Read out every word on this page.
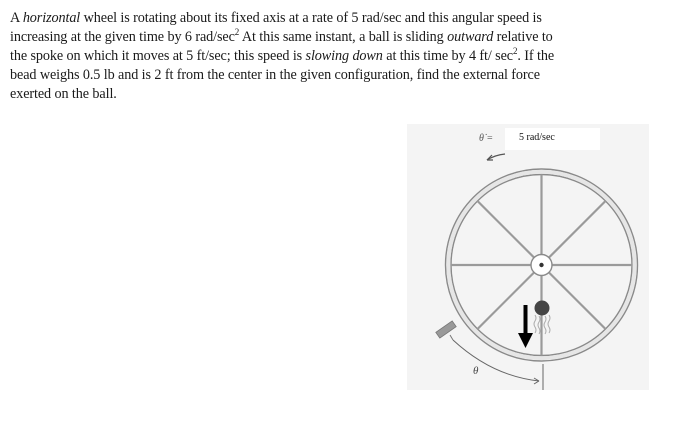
A horizontal wheel is rotating about its fixed axis at a rate of 5 rad/sec and this angular speed is
increasing at the given time by 6 rad/$\sec^2$ At this same instant, a ball is sliding outward relative to
the spoke on which it moves at 5 ft/sec; this speed is slowing down at this time by 4 ft/ $\sec^2$. If the
bead weighs 0.5 lb and is 2 ft from the center in the given configuration, find the external force
exerted on the ball.
θ̇ =	5 rad/sec
θ
